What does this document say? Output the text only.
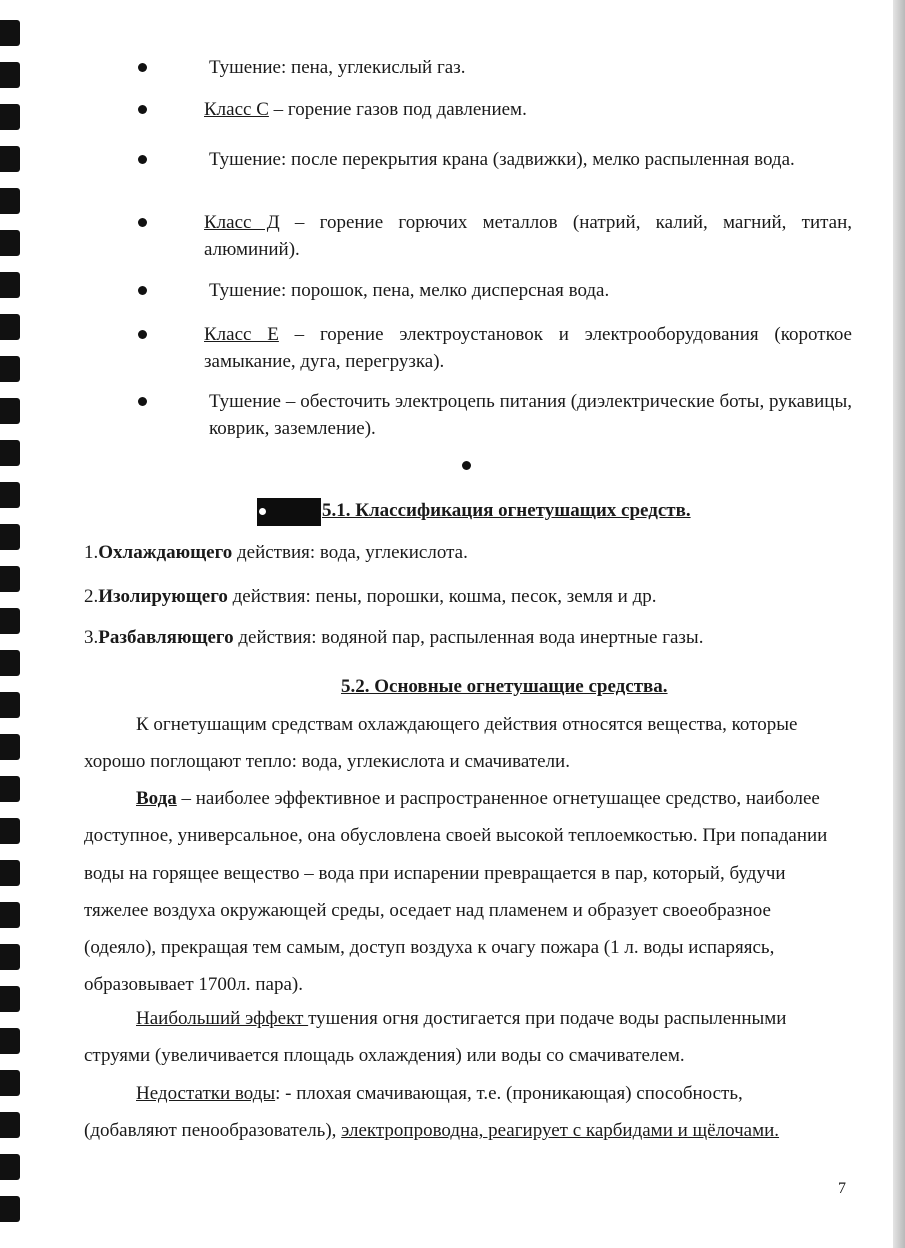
Тушение: пена, углекислый газ.
Класс С – горение газов под давлением.
Тушение: после перекрытия крана (задвижки), мелко распыленная вода.
Класс Д – горение горючих металлов (натрий, калий, магний, титан, алюминий).
Тушение: порошок, пена, мелко дисперсная вода.
Класс Е – горение электроустановок и электрооборудования (короткое замыкание, дуга, перегрузка).
Тушение – обесточить электроцепь питания (диэлектрические боты, рукавицы, коврик, заземление).
5.1. Классификация огнетушащих средств.
1.Охлаждающего действия: вода, углекислота.
2.Изолирующего действия: пены, порошки, кошма, песок, земля и др.
3.Разбавляющего действия: водяной пар, распыленная вода инертные газы.
5.2. Основные огнетушащие средства.
К огнетушащим средствам охлаждающего действия относятся вещества, которые хорошо поглощают тепло: вода, углекислота и смачиватели.
Вода – наиболее эффективное и распространенное огнетушащее средство, наиболее доступное, универсальное, она обусловлена своей высокой теплоемкостью. При попадании воды на горящее вещество – вода при испарении превращается в пар, который, будучи тяжелее воздуха окружающей среды, оседает над пламенем и образует своеобразное (одеяло), прекращая тем самым, доступ воздуха к очагу пожара (1 л. воды испаряясь, образовывает 1700л. пара).
Наибольший эффект тушения огня достигается при подаче воды распыленными струями (увеличивается площадь охлаждения) или воды со смачивателем.
Недостатки воды: - плохая смачивающая, т.е. (проникающая) способность, (добавляют пенообразователь), электропроводна, реагирует с карбидами и щёлочами.
7
